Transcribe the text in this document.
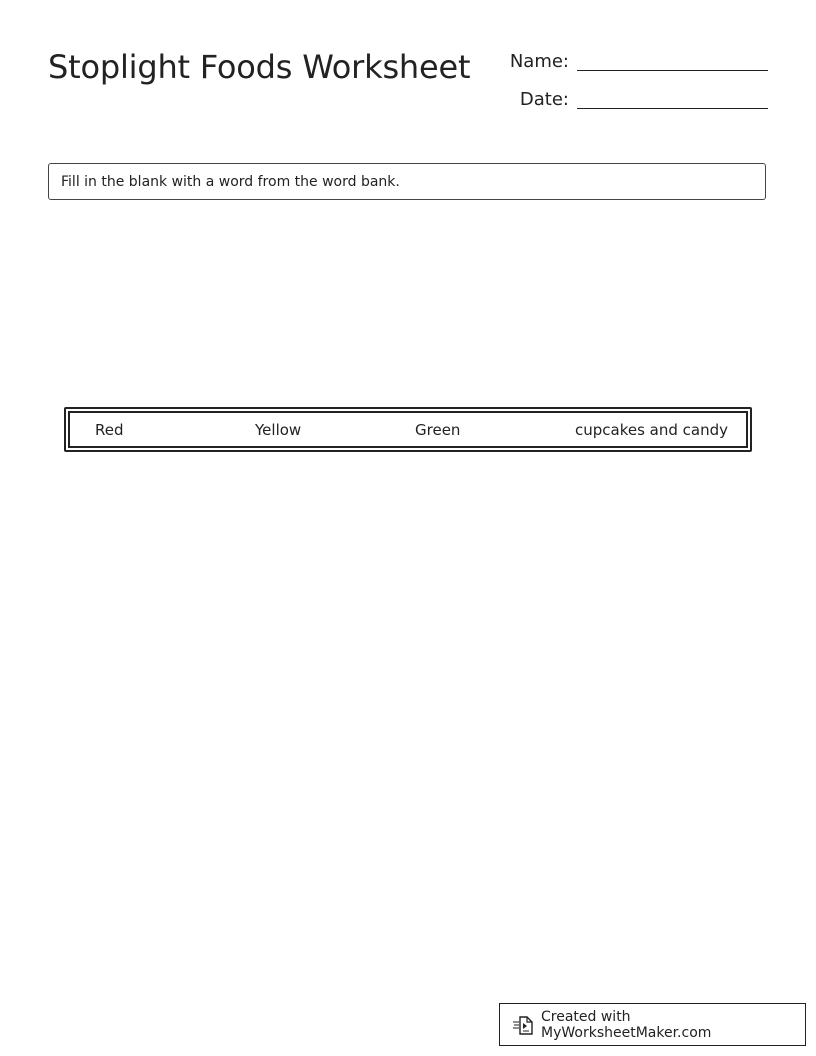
Stoplight Foods Worksheet Name:
Date:
Fill in the blank with a word from the word bank.
Red	Yellow	Green	cupcakes and candy
Created with MyWorksheetMaker.com
